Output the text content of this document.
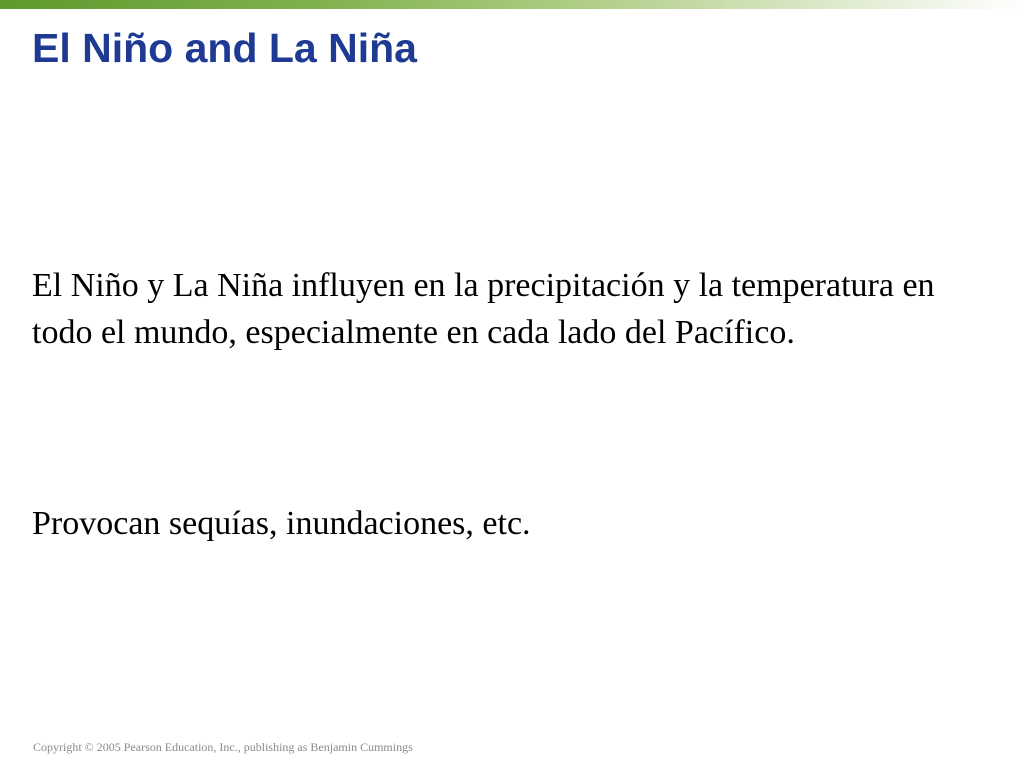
El Niño and La Niña

El Niño y La Niña influyen en la precipitación y la temperatura en todo el mundo, especialmente en cada lado del Pacífico.

Provocan sequías, inundaciones, etc.

Copyright © 2005 Pearson Education, Inc., publishing as Benjamin Cummings
